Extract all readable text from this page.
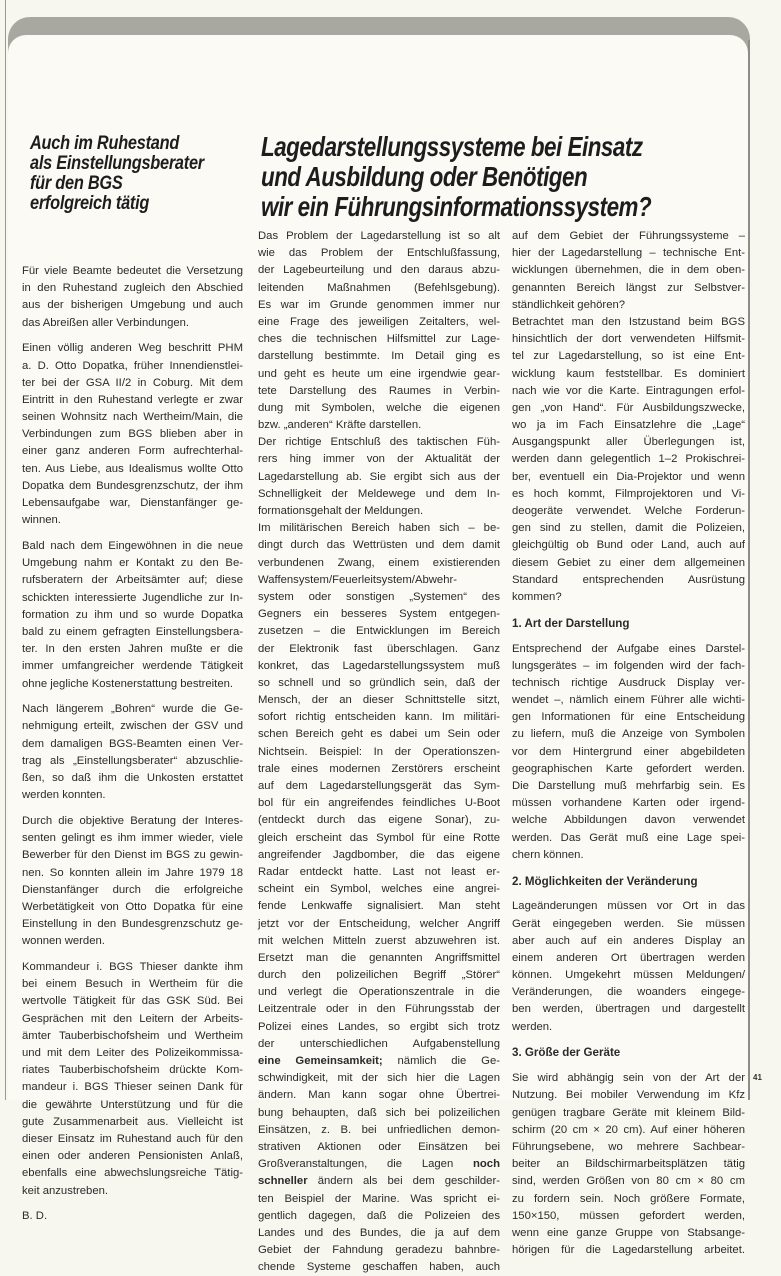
Auch im Ruhestand
als Einstellungsberater
für den BGS
erfolgreich tätig
Lagedarstellungssysteme bei Einsatz
und Ausbildung oder Benötigen
wir ein Führungsinformationssystem?
Für viele Beamte bedeutet die Versetzung
in den Ruhestand zugleich den Abschied
aus der bisherigen Umgebung und auch
das Abreißen aller Verbindungen.
Einen völlig anderen Weg beschritt PHM
a. D. Otto Dopatka, früher Innendienstlei-
ter bei der GSA II/2 in Coburg. Mit dem
Eintritt in den Ruhestand verlegte er zwar
seinen Wohnsitz nach Wertheim/Main, die
Verbindungen zum BGS blieben aber in
einer ganz anderen Form aufrechterhal-
ten. Aus Liebe, aus Idealismus wollte Otto
Dopatka dem Bundesgrenzschutz, der ihm
Lebensaufgabe war, Dienstanfänger ge-
winnen.
Bald nach dem Eingewöhnen in die neue
Umgebung nahm er Kontakt zu den Be-
rufsberatern der Arbeitsämter auf; diese
schickten interessierte Jugendliche zur In-
formation zu ihm und so wurde Dopatka
bald zu einem gefragten Einstellungsbera-
ter. In den ersten Jahren mußte er die
immer umfangreicher werdende Tätigkeit
ohne jegliche Kostenerstattung bestreiten.
Nach längerem „Bohren“ wurde die Ge-
nehmigung erteilt, zwischen der GSV und
dem damaligen BGS-Beamten einen Ver-
trag als „Einstellungsberater“ abzuschlie-
ßen, so daß ihm die Unkosten erstattet
werden konnten.
Durch die objektive Beratung der Interes-
senten gelingt es ihm immer wieder, viele
Bewerber für den Dienst im BGS zu gewin-
nen. So konnten allein im Jahre 1979 18
Dienstanfänger durch die erfolgreiche
Werbetätigkeit von Otto Dopatka für eine
Einstellung in den Bundesgrenzschutz ge-
wonnen werden.
Kommandeur i. BGS Thieser dankte ihm
bei einem Besuch in Wertheim für die
wertvolle Tätigkeit für das GSK Süd. Bei
Gesprächen mit den Leitern der Arbeits-
ämter Tauberbischofsheim und Wertheim
und mit dem Leiter des Polizeikommissa-
riates Tauberbischofsheim drückte Kom-
mandeur i. BGS Thieser seinen Dank für
die gewährte Unterstützung und für die
gute Zusammenarbeit aus. Vielleicht ist
dieser Einsatz im Ruhestand auch für den
einen oder anderen Pensionisten Anlaß,
ebenfalls eine abwechslungsreiche Tätig-
keit anzustreben.
B. D.
Das Problem der Lagedarstellung ist so alt
wie das Problem der Entschlußfassung,
der Lagebeurteilung und den daraus abzu-
leitenden Maßnahmen (Befehlsgebung).
Es war im Grunde genommen immer nur
eine Frage des jeweiligen Zeitalters, wel-
ches die technischen Hilfsmittel zur Lage-
darstellung bestimmte. Im Detail ging es
und geht es heute um eine irgendwie gear-
tete Darstellung des Raumes in Verbin-
dung mit Symbolen, welche die eigenen
bzw. „anderen“ Kräfte darstellen.
Der richtige Entschluß des taktischen Füh-
rers hing immer von der Aktualität der
Lagedarstellung ab. Sie ergibt sich aus der
Schnelligkeit der Meldewege und dem In-
formationsgehalt der Meldungen.
Im militärischen Bereich haben sich – be-
dingt durch das Wettrüsten und dem damit
verbundenen Zwang, einem existierenden
Waffensystem/Feuerleitsystem/Abwehr-
system oder sonstigen „Systemen“ des
Gegners ein besseres System entgegen-
zusetzen – die Entwicklungen im Bereich
der Elektronik fast überschlagen. Ganz
konkret, das Lagedarstellungssystem muß
so schnell und so gründlich sein, daß der
Mensch, der an dieser Schnittstelle sitzt,
sofort richtig entscheiden kann. Im militäri-
schen Bereich geht es dabei um Sein oder
Nichtsein. Beispiel: In der Operationszen-
trale eines modernen Zerstörers erscheint
auf dem Lagedarstellungsgerät das Sym-
bol für ein angreifendes feindliches U-Boot
(entdeckt durch das eigene Sonar), zu-
gleich erscheint das Symbol für eine Rotte
angreifender Jagdbomber, die das eigene
Radar entdeckt hatte. Last not least er-
scheint ein Symbol, welches eine angrei-
fende Lenkwaffe signalisiert. Man steht
jetzt vor der Entscheidung, welcher Angriff
mit welchen Mitteln zuerst abzuwehren ist.
Ersetzt man die genannten Angriffsmittel
durch den polizeilichen Begriff „Störer“
und verlegt die Operationszentrale in die
Leitzentrale oder in den Führungsstab der
Polizei eines Landes, so ergibt sich trotz
der unterschiedlichen Aufgabenstellung
eine Gemeinsamkeit; nämlich die Ge-
schwindigkeit, mit der sich hier die Lagen
ändern. Man kann sogar ohne Übertrei-
bung behaupten, daß sich bei polizeilichen
Einsätzen, z. B. bei unfriedlichen demon-
strativen Aktionen oder Einsätzen bei
Großveranstaltungen, die Lagen noch
schneller ändern als bei dem geschilder-
ten Beispiel der Marine. Was spricht ei-
gentlich dagegen, daß die Polizeien des
Landes und des Bundes, die ja auf dem
Gebiet der Fahndung geradezu bahnbre-
chende Systeme geschaffen haben, auch
auf dem Gebiet der Führungssysteme –
hier der Lagedarstellung – technische Ent-
wicklungen übernehmen, die in dem oben-
genannten Bereich längst zur Selbstver-
ständlichkeit gehören?
Betrachtet man den Istzustand beim BGS
hinsichtlich der dort verwendeten Hilfsmit-
tel zur Lagedarstellung, so ist eine Ent-
wicklung kaum feststellbar. Es dominiert
nach wie vor die Karte. Eintragungen erfol-
gen „von Hand“. Für Ausbildungszwecke,
wo ja im Fach Einsatzlehre die „Lage“
Ausgangspunkt aller Überlegungen ist,
werden dann gelegentlich 1–2 Prokischrei-
ber, eventuell ein Dia-Projektor und wenn
es hoch kommt, Filmprojektoren und Vi-
deogeräte verwendet. Welche Forderun-
gen sind zu stellen, damit die Polizeien,
gleichgültig ob Bund oder Land, auch auf
diesem Gebiet zu einer dem allgemeinen
Standard entsprechenden Ausrüstung
kommen?
1. Art der Darstellung
Entsprechend der Aufgabe eines Darstel-
lungsgerätes – im folgenden wird der fach-
technisch richtige Ausdruck Display ver-
wendet –, nämlich einem Führer alle wichti-
gen Informationen für eine Entscheidung
zu liefern, muß die Anzeige von Symbolen
vor dem Hintergrund einer abgebildeten
geographischen Karte gefordert werden.
Die Darstellung muß mehrfarbig sein. Es
müssen vorhandene Karten oder irgend-
welche Abbildungen davon verwendet
werden. Das Gerät muß eine Lage spei-
chern können.
2. Möglichkeiten der Veränderung
Lageänderungen müssen vor Ort in das
Gerät eingegeben werden. Sie müssen
aber auch auf ein anderes Display an
einem anderen Ort übertragen werden
können. Umgekehrt müssen Meldungen/
Veränderungen, die woanders eingege-
ben werden, übertragen und dargestellt
werden.
3. Größe der Geräte
Sie wird abhängig sein von der Art der
Nutzung. Bei mobiler Verwendung im Kfz
genügen tragbare Geräte mit kleinem Bild-
schirm (20 cm × 20 cm). Auf einer höheren
Führungsebene, wo mehrere Sachbear-
beiter an Bildschirmarbeitsplätzen tätig
sind, werden Größen von 80 cm × 80 cm
zu fordern sein. Noch größere Formate,
150×150, müssen gefordert werden,
wenn eine ganze Gruppe von Stabsange-
hörigen für die Lagedarstellung arbeitet.
41
